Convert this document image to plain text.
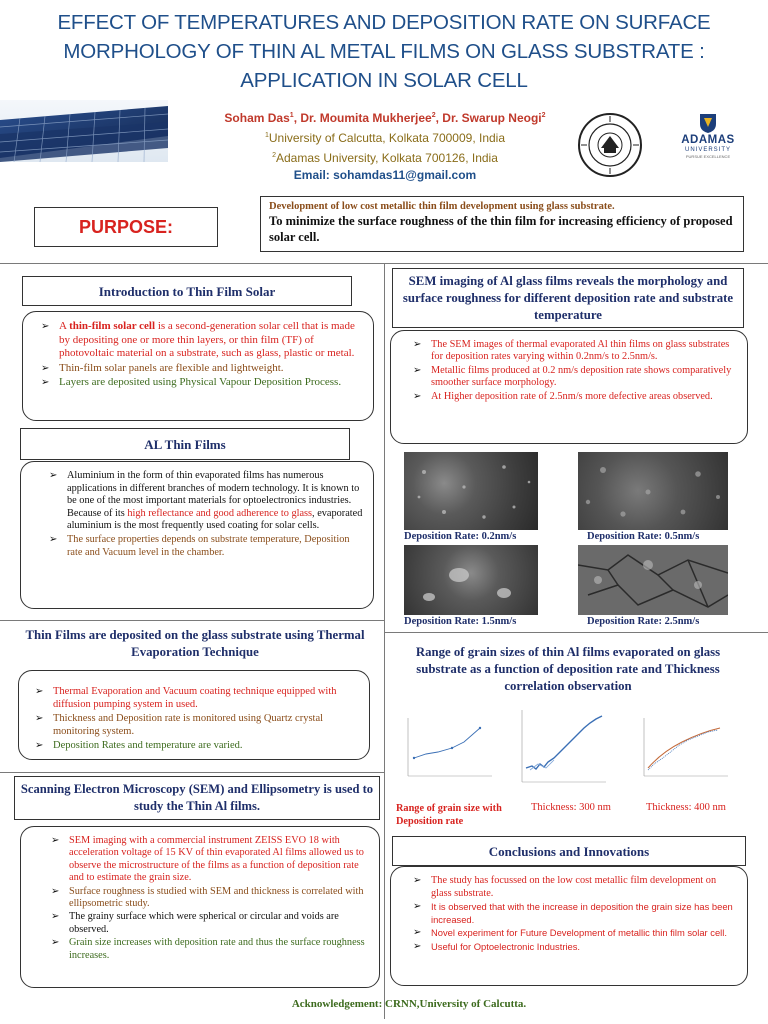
EFFECT OF TEMPERATURES AND DEPOSITION RATE ON SURFACE
MORPHOLOGY OF THIN AL METAL FILMS ON GLASS SUBSTRATE :
APPLICATION IN SOLAR CELL
Soham Das$^1$, Dr. Moumita Mukherjee$^2$, Dr. Swarup Neogi$^2$
$^1$University of Calcutta, Kolkata 700009, India
$^2$Adamas University, Kolkata 700126, India
Email: sohamdas11@gmail.com
ADAMAS
UNIVERSITY
PURSUE EXCELLENCE
PURPOSE:
Development of low cost metallic thin film development using glass substrate.
To minimize the surface roughness of the thin film for increasing efficiency of proposed solar cell.
Introduction to Thin Film Solar
➢ A thin-film solar cell is a second-generation solar cell that is made by depositing one or more thin layers, or thin film (TF) of photovoltaic material on a substrate, such as glass, plastic or metal.
➢ Thin-film solar panels are flexible and lightweight.
➢ Layers are deposited using Physical Vapour Deposition Process.
AL Thin Films
➢ Aluminium in the form of thin evaporated films has numerous applications in different branches of modern technology. It is known to be one of the most important materials for optoelectronics industries. Because of its high reflectance and good adherence to glass, evaporated aluminium is the most frequently used coating for solar cells.
➢ The surface properties depends on substrate temperature, Deposition rate and Vacuum level in the chamber.
Thin Films are deposited on the glass substrate using Thermal Evaporation Technique
➢ Thermal Evaporation and Vacuum coating technique equipped with diffusion pumping system in used.
➢ Thickness and Deposition rate is monitored using Quartz crystal monitoring system.
➢ Deposition Rates and temperature are varied.
Scanning Electron Microscopy (SEM) and Ellipsometry is used to study the Thin Al films.
➢ SEM imaging with a commercial instrument ZEISS EVO 18 with acceleration voltage of 15 KV of thin evaporated Al films allowed us to observe the microstructure of the films as a function of deposition rate and to estimate the grain size.
➢ Surface roughness is studied with SEM and thickness is correlated with ellipsometric study.
➢ The grainy surface which were spherical or circular and voids are observed.
➢ Grain size increases with deposition rate and thus the surface roughness increases.
SEM imaging of Al glass films reveals the morphology and surface roughness for different deposition rate and substrate temperature
➢ The SEM images of thermal evaporated Al thin films on glass substrates for deposition rates varying within 0.2nm/s to 2.5nm/s.
➢ Metallic films produced at 0.2 nm/s deposition rate shows comparatively smoother surface morphology.
➢ At Higher deposition rate of 2.5nm/s more defective areas observed.
Deposition Rate: 0.2nm/s	Deposition Rate: 0.5nm/s
Deposition Rate: 1.5nm/s	Deposition Rate: 2.5nm/s
Range of grain sizes of thin Al films evaporated on glass substrate as a function of deposition rate and Thickness correlation observation
Range of grain size with Deposition rate
Thickness: 300 nm	Thickness: 400 nm
Conclusions and Innovations
➢ The study has focussed on the low cost metallic film development on glass substrate.
➢ It is observed that with the increase in deposition the grain size has been increased.
➢ Novel experiment for Future Development of metallic thin film solar cell.
➢ Useful for Optoelectronic Industries.
Acknowledgement: CRNN,University of Calcutta.
